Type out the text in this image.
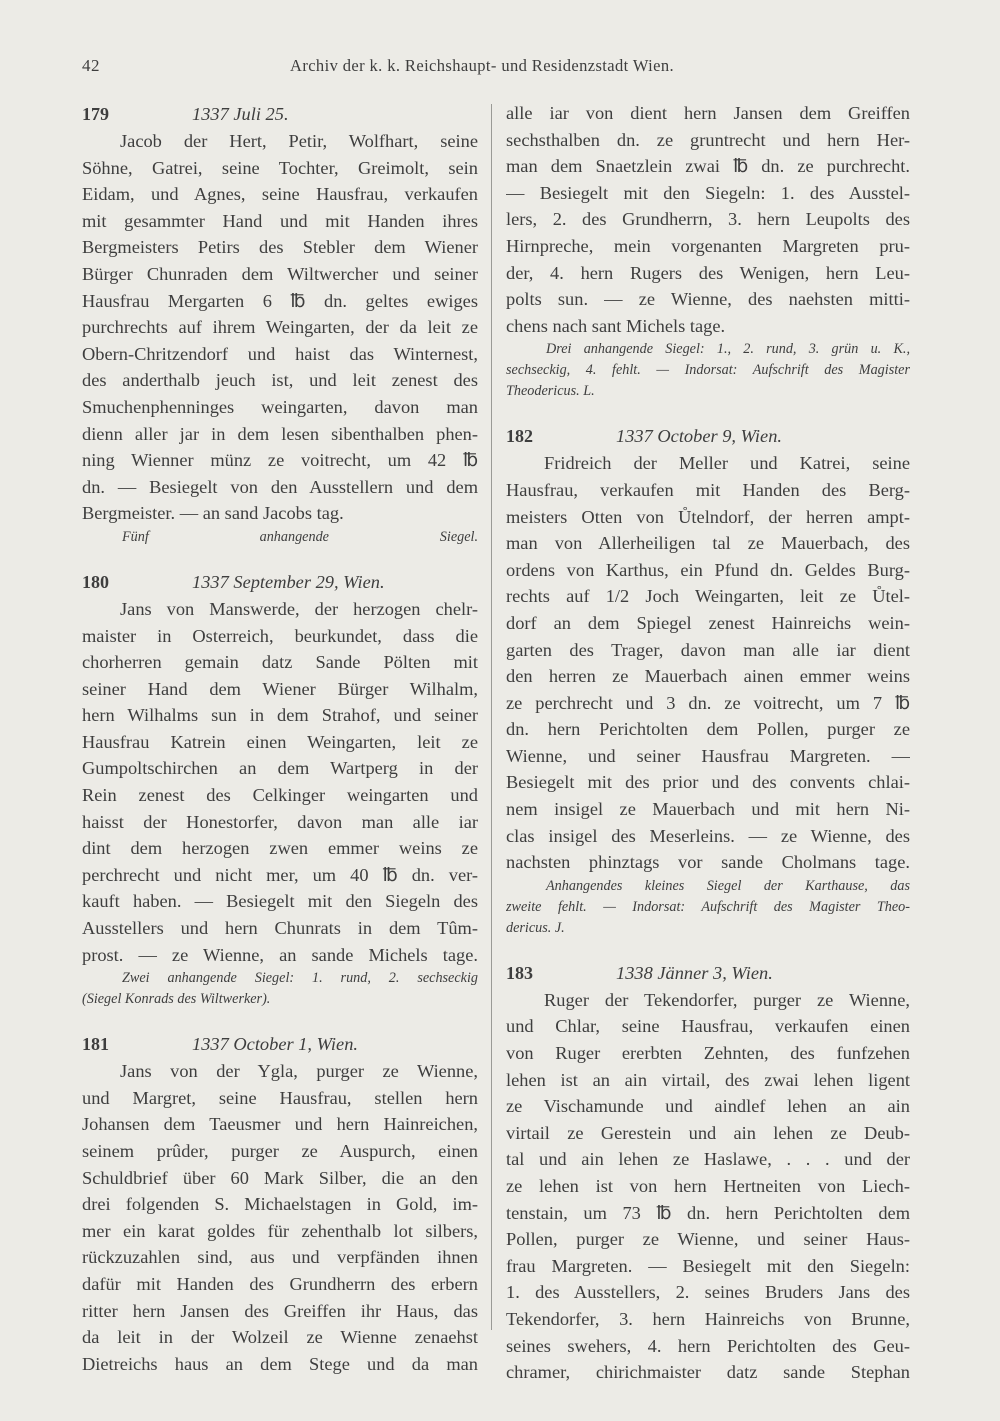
42	Archiv der k. k. Reichshaupt- und Residenzstadt Wien.
179	1337 Juli 25.
Jacob der Hert, Petir, Wolfhart, seine
Söhne, Gatrei, seine Tochter, Greimolt, sein
Eidam, und Agnes, seine Hausfrau, verkaufen
mit gesammter Hand und mit Handen ihres
Bergmeisters Petirs des Stebler dem Wiener
Bürger Chunraden dem Wiltwercher und seiner
Hausfrau Mergarten 6 ℔ dn. geltes ewiges
purchrechts auf ihrem Weingarten, der da leit ze
Obern-Chritzendorf und haist das Winternest,
des anderthalb jeuch ist, und leit zenest des
Smuchenphenninges weingarten, davon man
dienn aller jar in dem lesen sibenthalben phen-
ning Wienner münz ze voitrecht, um 42 ℔
dn. — Besiegelt von den Ausstellern und dem
Bergmeister. — an sand Jacobs tag.
Fünf anhangende Siegel.
180	1337 September 29, Wien.
Jans von Manswerde, der herzogen chelr-
maister in Osterreich, beurkundet, dass die
chorherren gemain datz Sande Pölten mit
seiner Hand dem Wiener Bürger Wilhalm,
hern Wilhalms sun in dem Strahof, und seiner
Hausfrau Katrein einen Weingarten, leit ze
Gumpoltschirchen an dem Wartperg in der
Rein zenest des Celkinger weingarten und
haisst der Honestorfer, davon man alle iar
dint dem herzogen zwen emmer weins ze
perchrecht und nicht mer, um 40 ℔ dn. ver-
kauft haben. — Besiegelt mit den Siegeln des
Ausstellers und hern Chunrats in dem Tûm-
prost. — ze Wienne, an sande Michels tage.
Zwei anhangende Siegel: 1. rund, 2. sechseckig
(Siegel Konrads des Wiltwerker).
181	1337 October 1, Wien.
Jans von der Ygla, purger ze Wienne,
und Margret, seine Hausfrau, stellen hern
Johansen dem Taeusmer und hern Hainreichen,
seinem prûder, purger ze Auspurch, einen
Schuldbrief über 60 Mark Silber, die an den
drei folgenden S. Michaelstagen in Gold, im-
mer ein karat goldes für zehenthalb lot silbers,
rückzuzahlen sind, aus und verpfänden ihnen
dafür mit Handen des Grundherrn des erbern
ritter hern Jansen des Greiffen ihr Haus, das
da leit in der Wolzeil ze Wienne zenaehst
Dietreichs haus an dem Stege und da man
alle iar von dient hern Jansen dem Greiffen
sechsthalben dn. ze gruntrecht und hern Her-
man dem Snaetzlein zwai ℔ dn. ze purchrecht.
— Besiegelt mit den Siegeln: 1. des Ausstel-
lers, 2. des Grundherrn, 3. hern Leupolts des
Hirnpreche, mein vorgenanten Margreten pru-
der, 4. hern Rugers des Wenigen, hern Leu-
polts sun. — ze Wienne, des naehsten mitti-
chens nach sant Michels tage.
Drei anhangende Siegel: 1., 2. rund, 3. grün u. K.,
sechseckig, 4. fehlt. — Indorsat: Aufschrift des Magister
Theodericus. L.
182	1337 October 9, Wien.
Fridreich der Meller und Katrei, seine
Hausfrau, verkaufen mit Handen des Berg-
meisters Otten von Ůtelndorf, der herren ampt-
man von Allerheiligen tal ze Mauerbach, des
ordens von Karthus, ein Pfund dn. Geldes Burg-
rechts auf 1/2 Joch Weingarten, leit ze Ůtel-
dorf an dem Spiegel zenest Hainreichs wein-
garten des Trager, davon man alle iar dient
den herren ze Mauerbach ainen emmer weins
ze perchrecht und 3 dn. ze voitrecht, um 7 ℔
dn. hern Perichtolten dem Pollen, purger ze
Wienne, und seiner Hausfrau Margreten. —
Besiegelt mit des prior und des convents chlai-
nem insigel ze Mauerbach und mit hern Ni-
clas insigel des Meserleins. — ze Wienne, des
nachsten phinztags vor sande Cholmans tage.
Anhangendes kleines Siegel der Karthause, das
zweite fehlt. — Indorsat: Aufschrift des Magister Theo-
dericus. J.
183	1338 Jänner 3, Wien.
Ruger der Tekendorfer, purger ze Wienne,
und Chlar, seine Hausfrau, verkaufen einen
von Ruger ererbten Zehnten, des funfzehen
lehen ist an ain virtail, des zwai lehen ligent
ze Vischamunde und aindlef lehen an ain
virtail ze Gerestein und ain lehen ze Deub-
tal und ain lehen ze Haslawe, . . . und der
ze lehen ist von hern Hertneiten von Liech-
tenstain, um 73 ℔ dn. hern Perichtolten dem
Pollen, purger ze Wienne, und seiner Haus-
frau Margreten. — Besiegelt mit den Siegeln:
1. des Ausstellers, 2. seines Bruders Jans des
Tekendorfer, 3. hern Hainreichs von Brunne,
seines swehers, 4. hern Perichtolten des Geu-
chramer, chirichmaister datz sande Stephan
